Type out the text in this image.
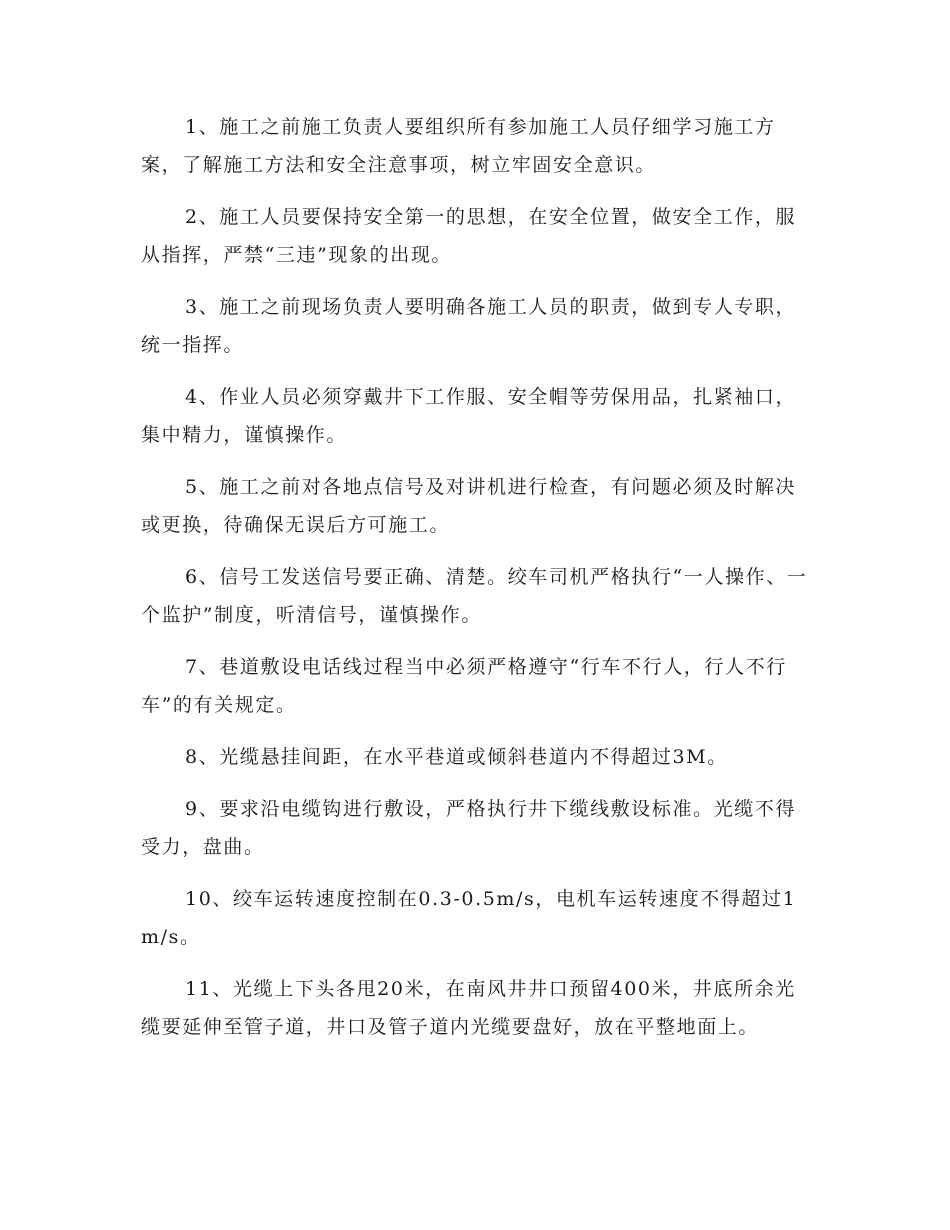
1、施工之前施工负责人要组织所有参加施工人员仔细学习施工方案，了解施工方法和安全注意事项，树立牢固安全意识。

2、施工人员要保持安全第一的思想，在安全位置，做安全工作，服从指挥，严禁“三违”现象的出现。

3、施工之前现场负责人要明确各施工人员的职责，做到专人专职，统一指挥。

4、作业人员必须穿戴井下工作服、安全帽等劳保用品，扎紧袖口，集中精力，谨慎操作。

5、施工之前对各地点信号及对讲机进行检查，有问题必须及时解决或更换，待确保无误后方可施工。

6、信号工发送信号要正确、清楚。绞车司机严格执行“一人操作、一个监护”制度，听清信号，谨慎操作。

7、巷道敷设电话线过程当中必须严格遵守“行车不行人，行人不行车”的有关规定。

8、光缆悬挂间距，在水平巷道或倾斜巷道内不得超过3M。

9、要求沿电缆钩进行敷设，严格执行井下缆线敷设标准。光缆不得受力，盘曲。

10、绞车运转速度控制在0.3-0.5m/s，电机车运转速度不得超过1 m/s。

11、光缆上下头各甩20米，在南风井井口预留400米，井底所余光缆要延伸至管子道，井口及管子道内光缆要盘好，放在平整地面上。
